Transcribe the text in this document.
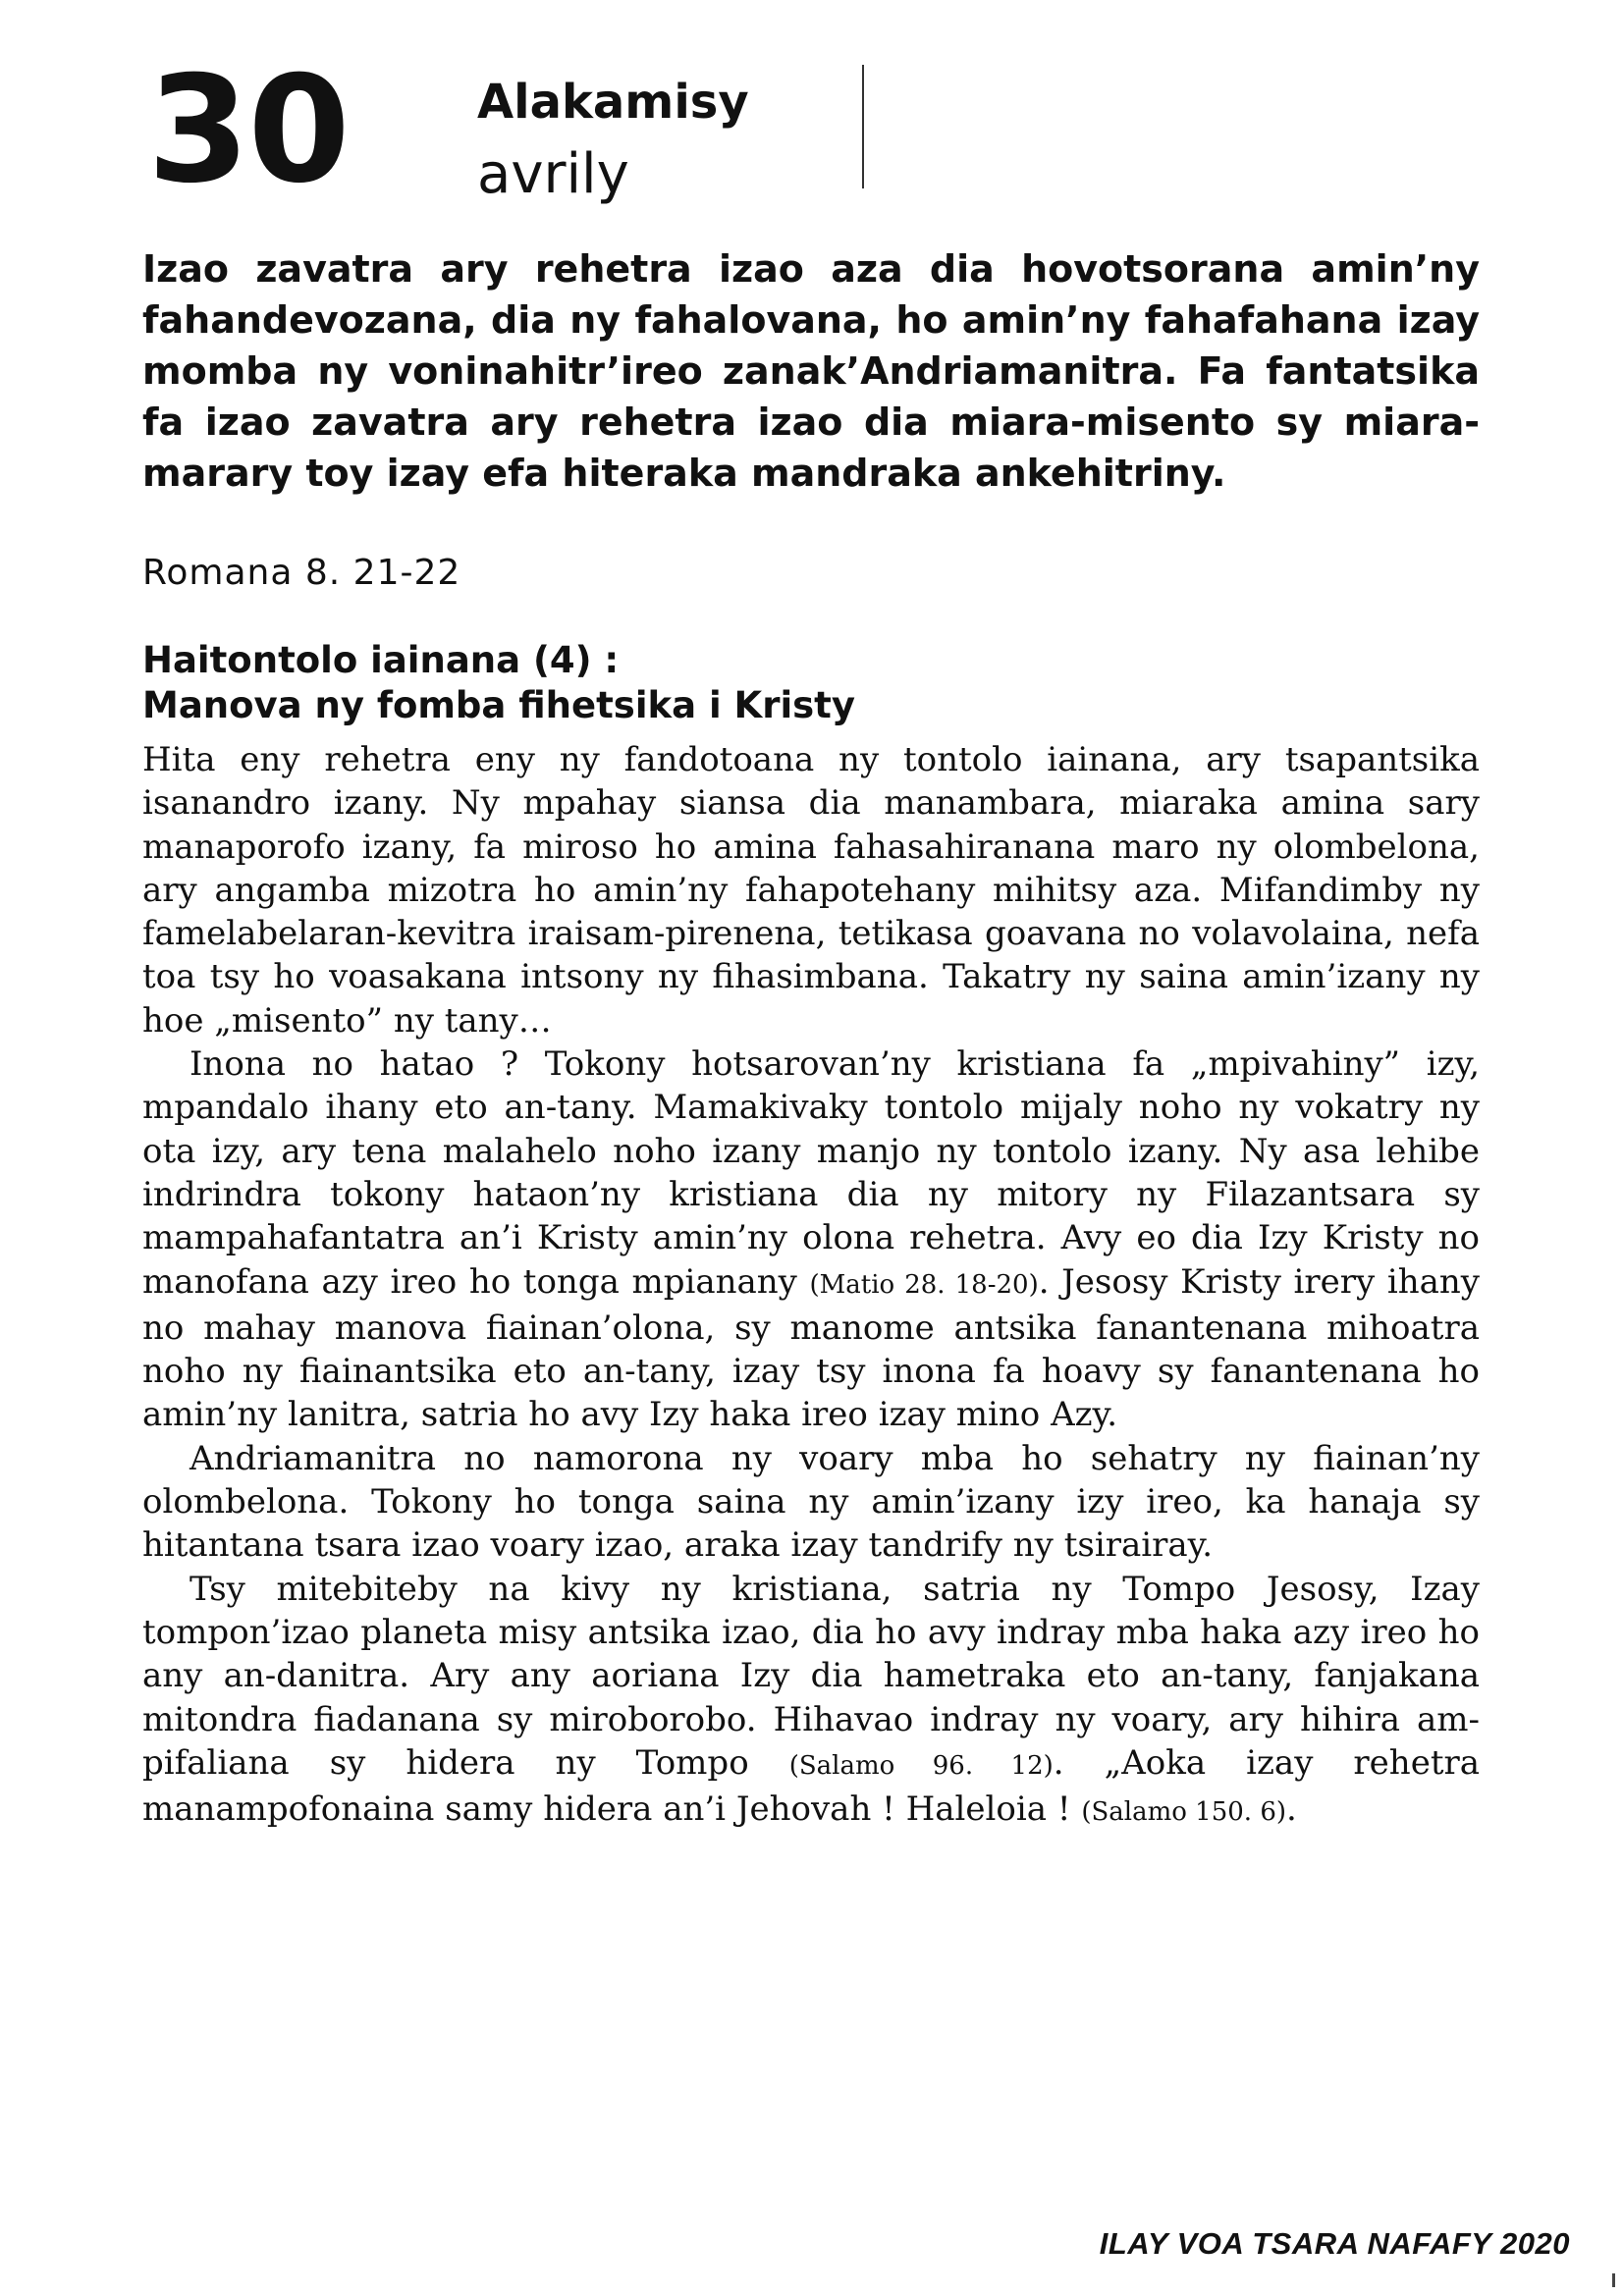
30	Alakamisy
avrily
Izao zavatra ary rehetra izao aza dia hovotsorana amin’ny fahandevozana, dia ny fahalovana, ho amin’ny fahafahana izay momba ny voninahitr’ireo zanak’Andriamanitra. Fa fantatsika fa izao zavatra ary rehetra izao dia miara-misento sy miara-marary toy izay efa hiteraka mandraka ankehitriny.
Romana 8. 21-22
Haitontolo iainana (4) :
Manova ny fomba fihetsika i Kristy

Hita eny rehetra eny ny fandotoana ny tontolo iainana, ary tsapantsika isanandro izany. Ny mpahay siansa dia manambara, miaraka amina sary manaporofo izany, fa miroso ho amina fahasahiranana maro ny olombelona, ary angamba mizotra ho amin’ny fahapotehany mihitsy aza. Mifandimby ny famelabelaran-kevitra iraisam-pirenena, tetikasa goavana no volavolaina, nefa toa tsy ho voasakana intsony ny fihasimbana. Takatry ny saina amin’izany ny hoe „misento” ny tany…

Inona no hatao ? Tokony hotsarovan’ny kristiana fa „mpivahiny” izy, mpandalo ihany eto an-tany. Mamakivaky tontolo mijaly noho ny vokatry ny ota izy, ary tena malahelo noho izany manjo ny tontolo izany. Ny asa lehibe indrindra tokony hataon’ny kristiana dia ny mitory ny Filazantsara sy mampahafantatra an’i Kristy amin’ny olona rehetra. Avy eo dia Izy Kristy no manofana azy ireo ho tonga mpianany (Matio 28. 18-20). Jesosy Kristy irery ihany no mahay manova fiainan’olona, sy manome antsika fanantenana mihoatra noho ny fiainantsika eto an-tany, izay tsy inona fa hoavy sy fanantenana ho amin’ny lanitra, satria ho avy Izy haka ireo izay mino Azy.

Andriamanitra no namorona ny voary mba ho sehatry ny fiainan’ny olombelona. Tokony ho tonga saina ny amin’izany izy ireo, ka hanaja sy hitantana tsara izao voary izao, araka izay tandrify ny tsirairay.

Tsy mitebiteby na kivy ny kristiana, satria ny Tompo Jesosy, Izay tompon’izao planeta misy antsika izao, dia ho avy indray mba haka azy ireo ho any an-danitra. Ary any aoriana Izy dia hametraka eto an-tany, fanjakana mitondra fiadanana sy miroborobo. Hihavao indray ny voary, ary hihira am-pifaliana sy hidera ny Tompo (Salamo 96. 12). „Aoka izay rehetra manampofonaina samy hidera an’i Jehovah ! Haleloia ! (Salamo 150. 6).

ILAY VOA TSARA NAFAFY 2020
